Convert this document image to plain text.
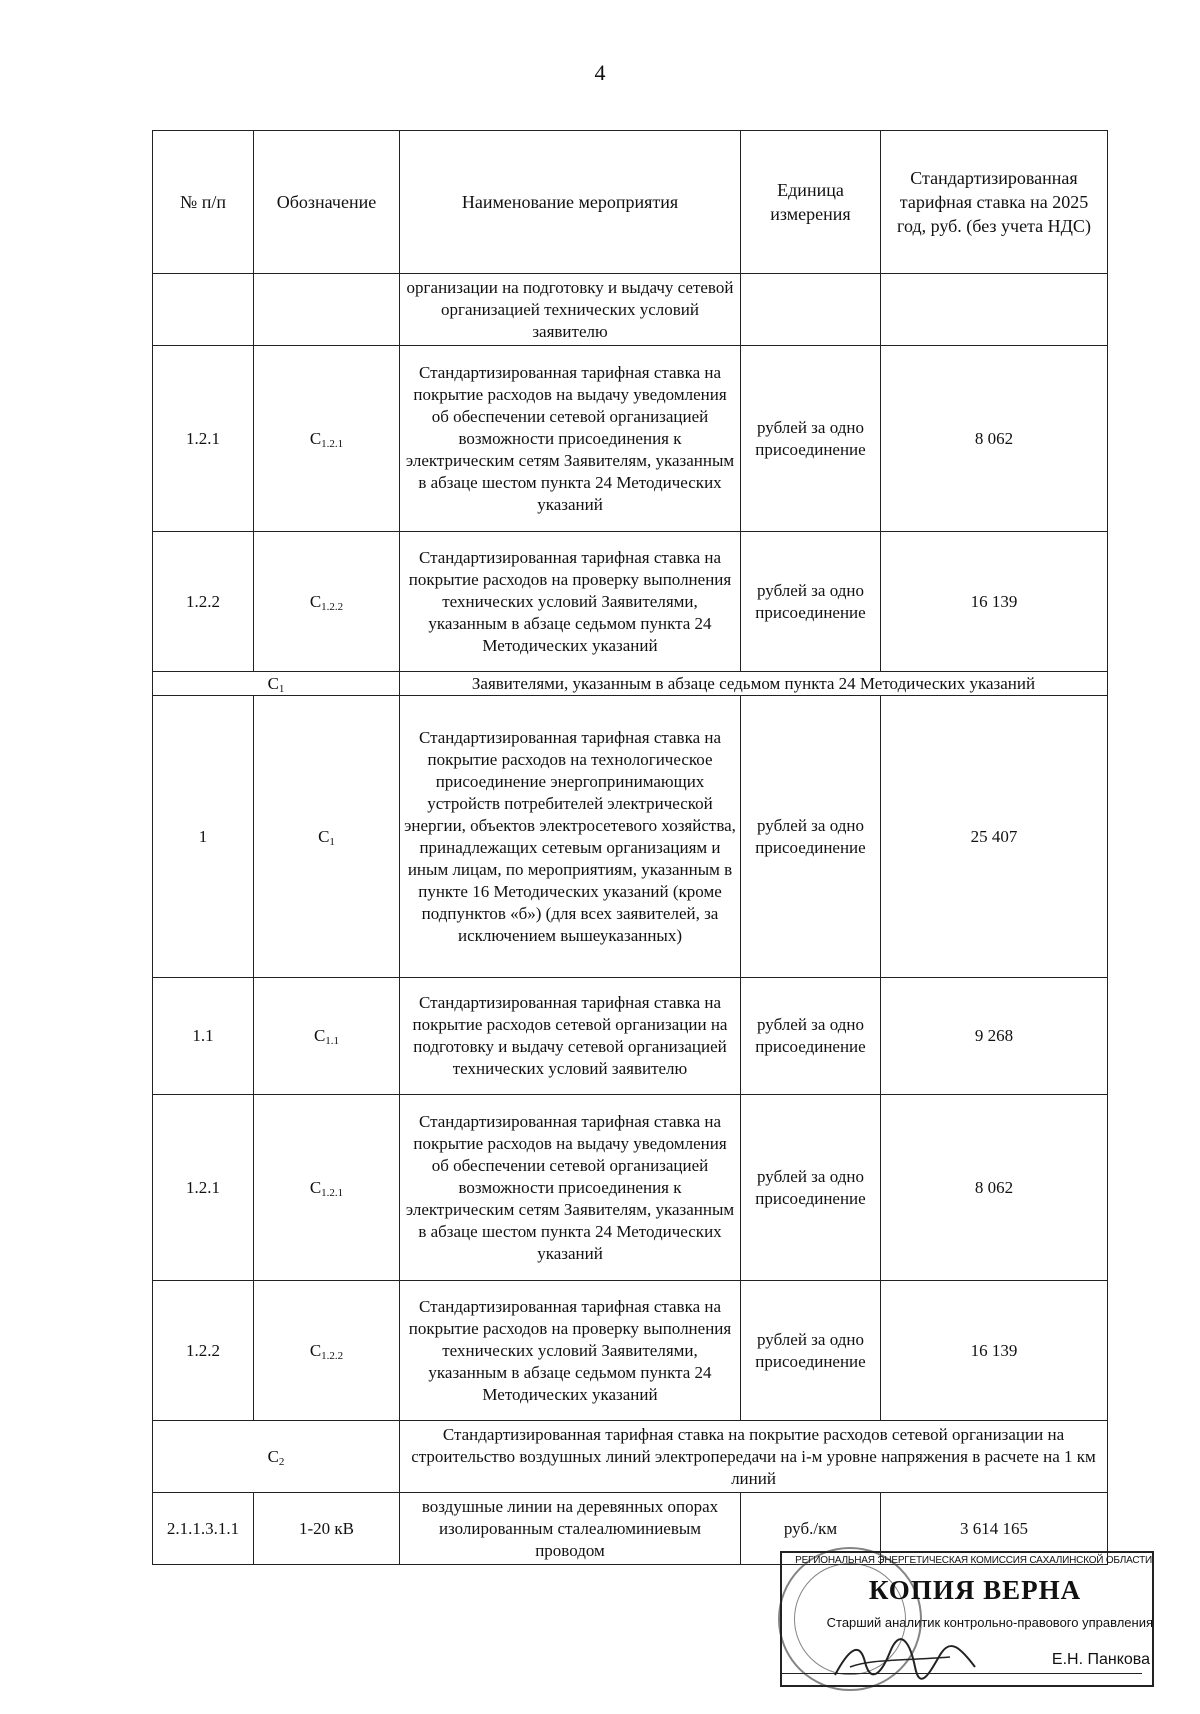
4
№ п/п	Обозначение	Наименование мероприятия	Единица измерения	Стандартизированная тарифная ставка на 2025 год, руб. (без учета НДС)
		организации на подготовку и выдачу сетевой организацией технических условий заявителю		
1.2.1	$C_{1.2.1}$	Стандартизированная тарифная ставка на покрытие расходов на выдачу уведомления об обеспечении сетевой организацией возможности присоединения к электрическим сетям Заявителям, указанным в абзаце шестом пункта 24 Методических указаний	рублей за одно присоединение	8 062
1.2.2	$C_{1.2.2}$	Стандартизированная тарифная ставка на покрытие расходов на проверку выполнения технических условий Заявителями, указанным в абзаце седьмом пункта 24 Методических указаний	рублей за одно присоединение	16 139
$C_1$		Заявителями, указанным в абзаце седьмом пункта 24 Методических указаний		
1	$C_1$	Стандартизированная тарифная ставка на покрытие расходов на технологическое присоединение энергопринимающих устройств потребителей электрической энергии, объектов электросетевого хозяйства, принадлежащих сетевым организациям и иным лицам, по мероприятиям, указанным в пункте 16 Методических указаний (кроме подпунктов «б») (для всех заявителей, за исключением вышеуказанных)	рублей за одно присоединение	25 407
1.1	$C_{1.1}$	Стандартизированная тарифная ставка на покрытие расходов сетевой организации на подготовку и выдачу сетевой организацией технических условий заявителю	рублей за одно присоединение	9 268
1.2.1	$C_{1.2.1}$	Стандартизированная тарифная ставка на покрытие расходов на выдачу уведомления об обеспечении сетевой организацией возможности присоединения к электрическим сетям Заявителям, указанным в абзаце шестом пункта 24 Методических указаний	рублей за одно присоединение	8 062
1.2.2	$C_{1.2.2}$	Стандартизированная тарифная ставка на покрытие расходов на проверку выполнения технических условий Заявителями, указанным в абзаце седьмом пункта 24 Методических указаний	рублей за одно присоединение	16 139
$C_2$		Стандартизированная тарифная ставка на покрытие расходов сетевой организации на строительство воздушных линий электропередачи на i-м уровне напряжения в расчете на 1 км линий		
2.1.1.3.1.1	1-20 кВ	воздушные линии на деревянных опорах изолированным сталеалюминиевым проводом	руб./км	3 614 165
РЕГИОНАЛЬНАЯ ЭНЕРГЕТИЧЕСКАЯ КОМИССИЯ САХАЛИНСКОЙ ОБЛАСТИ
КОПИЯ ВЕРНА
Старший аналитик контрольно-правового управления
Е.Н. Панкова
